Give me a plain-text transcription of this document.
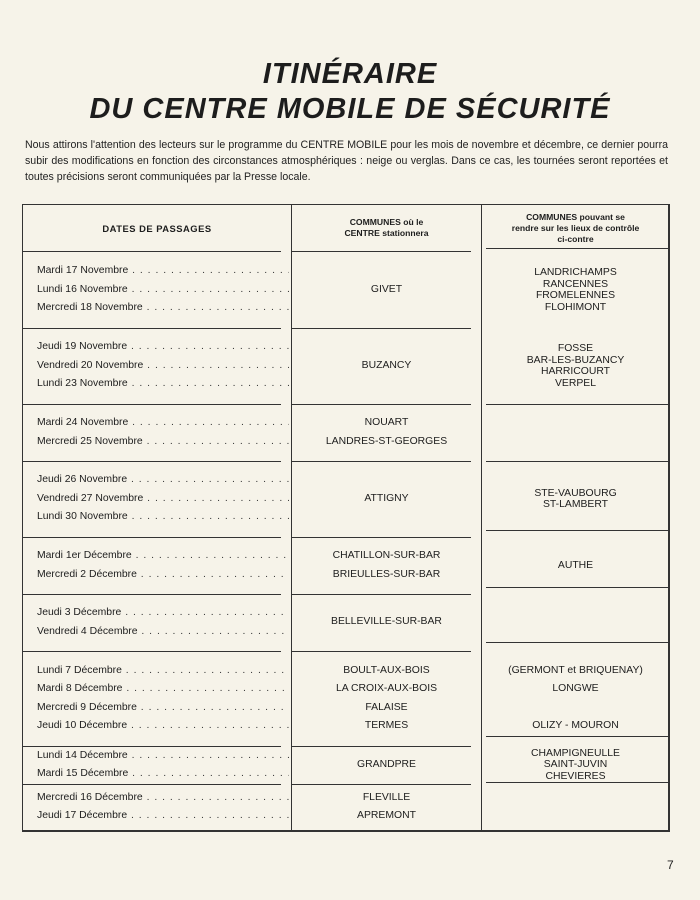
ITINÉRAIRE
DU CENTRE MOBILE DE SÉCURITÉ

Nous attirons l'attention des lecteurs sur le programme du CENTRE MOBILE pour les mois de novembre et décembre, ce dernier pourra subir des modifications en fonction des circonstances atmosphériques : neige ou verglas. Dans ce cas, les tournées seront reportées et toutes précisions seront communiquées par la Presse locale.

DATES DE PASSAGES
COMMUNES où le
CENTRE stationnera
COMMUNES pouvant se
rendre sur les lieux de contrôle
ci-contre
Mardi 17 Novembre . . .
Lundi 16 Novembre . . .
Mercredi 18 Novembre . . .
GIVET
LANDRICHAMPS
RANCENNES
FROMELENNES
FLOHIMONT
Jeudi 19 Novembre . . .
Vendredi 20 Novembre . . .
Lundi 23 Novembre . . .
BUZANCY
FOSSE
BAR-LES-BUZANCY
HARRICOURT
VERPEL
Mardi 24 Novembre . . .
Mercredi 25 Novembre . . .
NOUART
LANDRES-ST-GEORGES
Jeudi 26 Novembre . . .
Vendredi 27 Novembre . . .
Lundi 30 Novembre . . .
ATTIGNY	STE-VAUBOURG
ST-LAMBERT
Mardi 1er Décembre . . .
Mercredi 2 Décembre . . .
CHATILLON-SUR-BAR
BRIEULLES-SUR-BAR
AUTHE
Jeudi 3 Décembre . . .
Vendredi 4 Décembre . . .
BELLEVILLE-SUR-BAR
Lundi 7 Décembre . . .
Mardi 8 Décembre . . .
Mercredi 9 Décembre . . .
Jeudi 10 Décembre . . .
BOULT-AUX-BOIS
LA CROIX-AUX-BOIS
FALAISE
TERMES
(GERMONT et BRIQUENAY)
LONGWE

OLIZY - MOURON
Lundi 14 Décembre . . .
Mardi 15 Décembre . . .
GRANDPRE
CHAMPIGNEULLE
SAINT-JUVIN
CHEVIERES
Mercredi 16 Décembre . . .
Jeudi 17 Décembre . . .
FLEVILLE
APREMONT
7
